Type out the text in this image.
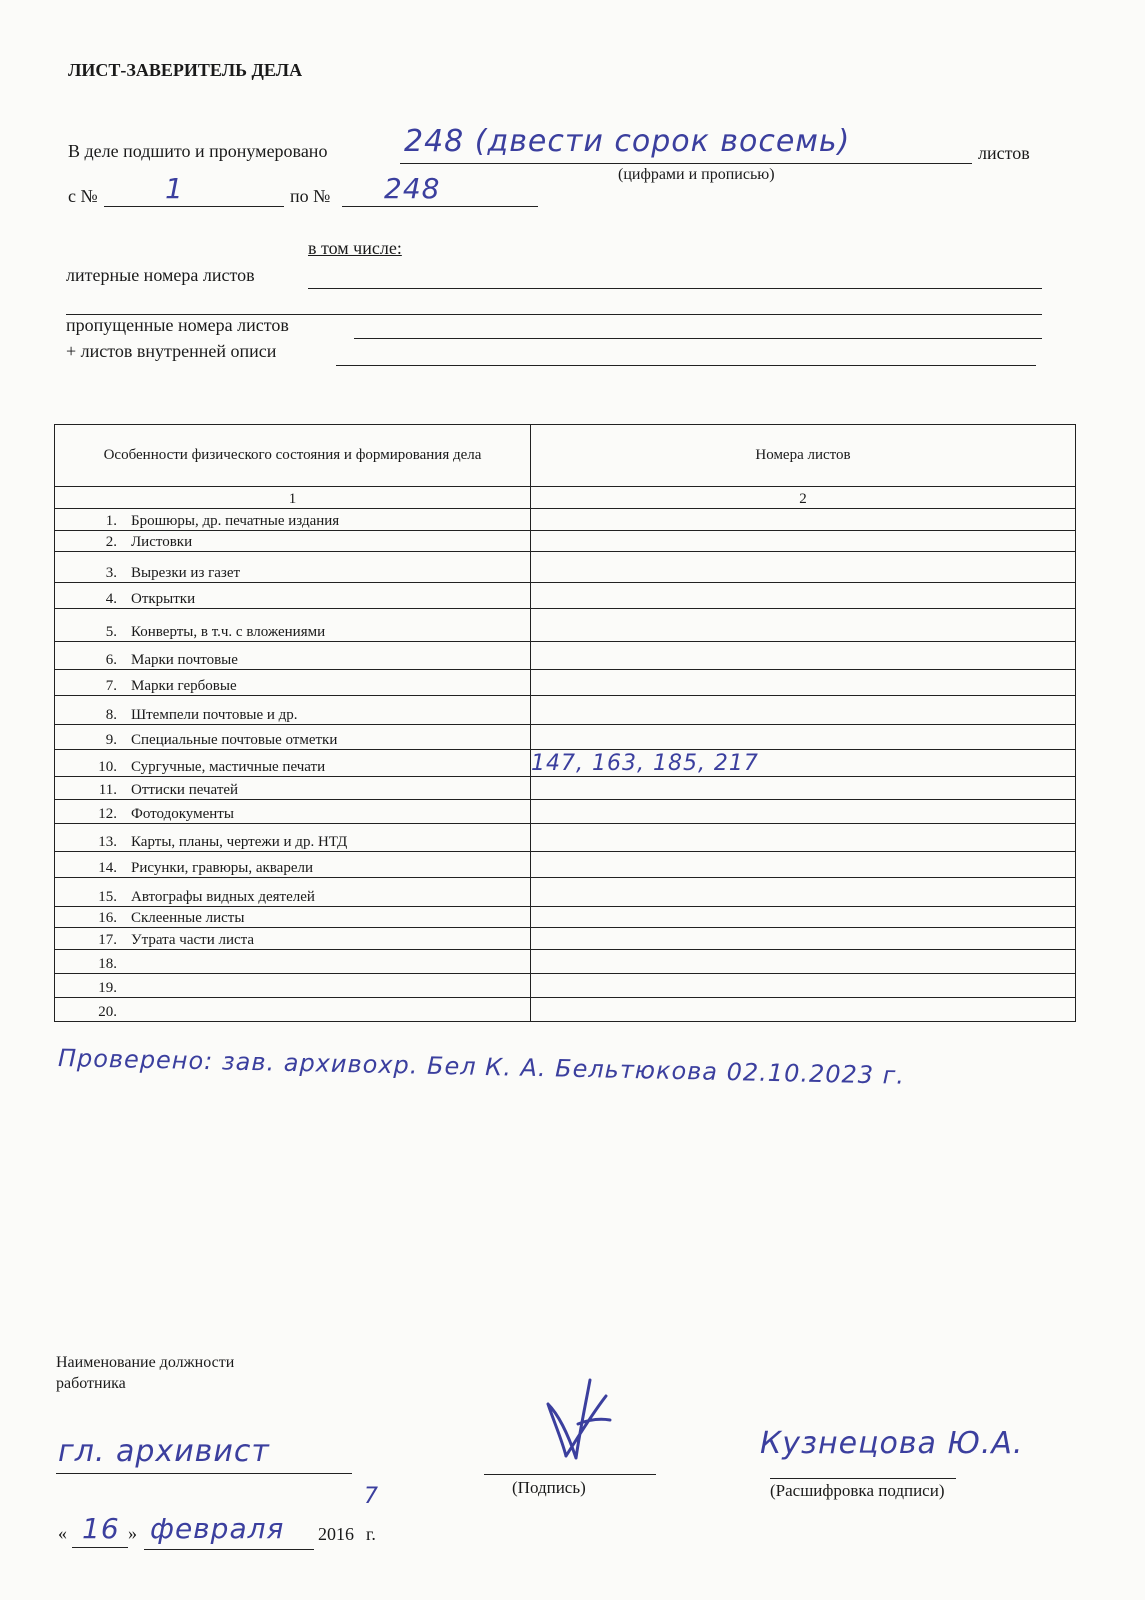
ЛИСТ-ЗАВЕРИТЕЛЬ ДЕЛА
В деле подшито и пронумеровано	248 (двести сорок восемь)	листов
(цифрами и прописью)
с № 1	по № 248
в том числе:
литерные номера листов
пропущенные номера листов
+ листов внутренней описи
Особенности физического состояния и формирования дела	Номера листов
1	2
1. Брошюры, др. печатные издания	
2. Листовки	
3. Вырезки из газет	
4. Открытки	
5. Конверты, в т.ч. с вложениями	
6. Марки почтовые	
7. Марки гербовые	
8. Штемпели почтовые и др.	
9. Специальные почтовые отметки	
10. Сургучные, мастичные печати	147, 163, 185, 217
11. Оттиски печатей	
12. Фотодокументы	
13. Карты, планы, чертежи и др. НТД	
14. Рисунки, гравюры, акварели	
15. Автографы видных деятелей	
16. Склеенные листы	
17. Утрата части листа	
18.	
19.	
20.	
Проверено: зав. архивохр. Бел К. А. Бельтюкова 02.10.2023 г.
Наименование должности работника
гл. архивист
(Подпись)
Кузнецова Ю.А.
(Расшифровка подписи)
« 16 » февраля 2016
7
г.
